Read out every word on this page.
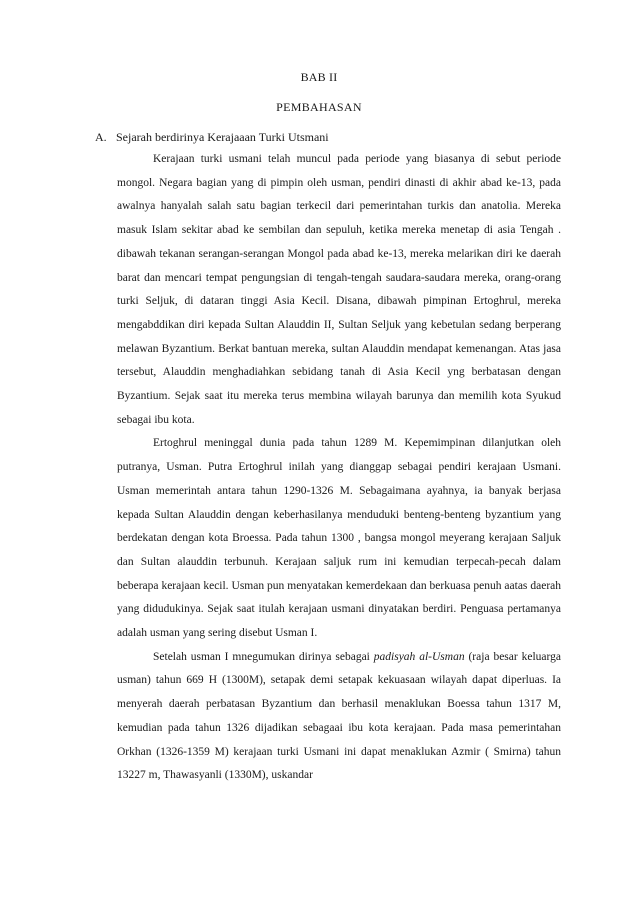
BAB II
PEMBAHASAN
A. Sejarah berdirinya Kerajaaan Turki Utsmani

Kerajaan turki usmani telah muncul pada periode yang biasanya di sebut periode mongol. Negara bagian yang di pimpin oleh usman, pendiri dinasti di akhir abad ke-13, pada awalnya hanyalah salah satu bagian terkecil dari pemerintahan turkis dan anatolia. Mereka masuk Islam sekitar abad ke sembilan dan sepuluh, ketika mereka menetap di asia Tengah . dibawah tekanan serangan-serangan Mongol pada abad ke-13, mereka melarikan diri ke daerah barat dan mencari tempat pengungsian di tengah-tengah saudara-saudara mereka, orang-orang turki Seljuk, di dataran tinggi Asia Kecil. Disana, dibawah pimpinan Ertoghrul, mereka mengabddikan diri kepada Sultan Alauddin II, Sultan Seljuk yang kebetulan sedang berperang melawan Byzantium. Berkat bantuan mereka, sultan Alauddin mendapat kemenangan. Atas jasa tersebut, Alauddin menghadiahkan sebidang tanah di Asia Kecil yng berbatasan dengan Byzantium. Sejak saat itu mereka terus membina wilayah barunya dan memilih kota Syukud sebagai ibu kota.

Ertoghrul meninggal dunia pada tahun 1289 M. Kepemimpinan dilanjutkan oleh putranya, Usman. Putra Ertoghrul inilah yang dianggap sebagai pendiri kerajaan Usmani. Usman memerintah antara tahun 1290-1326 M. Sebagaimana ayahnya, ia banyak berjasa kepada Sultan Alauddin dengan keberhasilanya menduduki benteng-benteng byzantium yang berdekatan dengan kota Broessa. Pada tahun 1300 , bangsa mongol meyerang kerajaan Saljuk dan Sultan alauddin terbunuh. Kerajaan saljuk rum ini kemudian terpecah-pecah dalam beberapa kerajaan kecil. Usman pun menyatakan kemerdekaan dan berkuasa penuh aatas daerah yang didudukinya. Sejak saat itulah kerajaan usmani dinyatakan berdiri. Penguasa pertamanya adalah usman yang sering disebut Usman I.

Setelah usman I mnegumukan dirinya sebagai padisyah al-Usman (raja besar keluarga usman) tahun 669 H (1300M), setapak demi setapak kekuasaan wilayah dapat diperluas. Ia menyerah daerah perbatasan Byzantium dan berhasil menaklukan Boessa tahun 1317 M, kemudian pada tahun 1326 dijadikan sebagaai ibu kota kerajaan. Pada masa pemerintahan Orkhan (1326-1359 M) kerajaan turki Usmani ini dapat menaklukan Azmir ( Smirna) tahun 13227 m, Thawasyanli (1330M), uskandar
